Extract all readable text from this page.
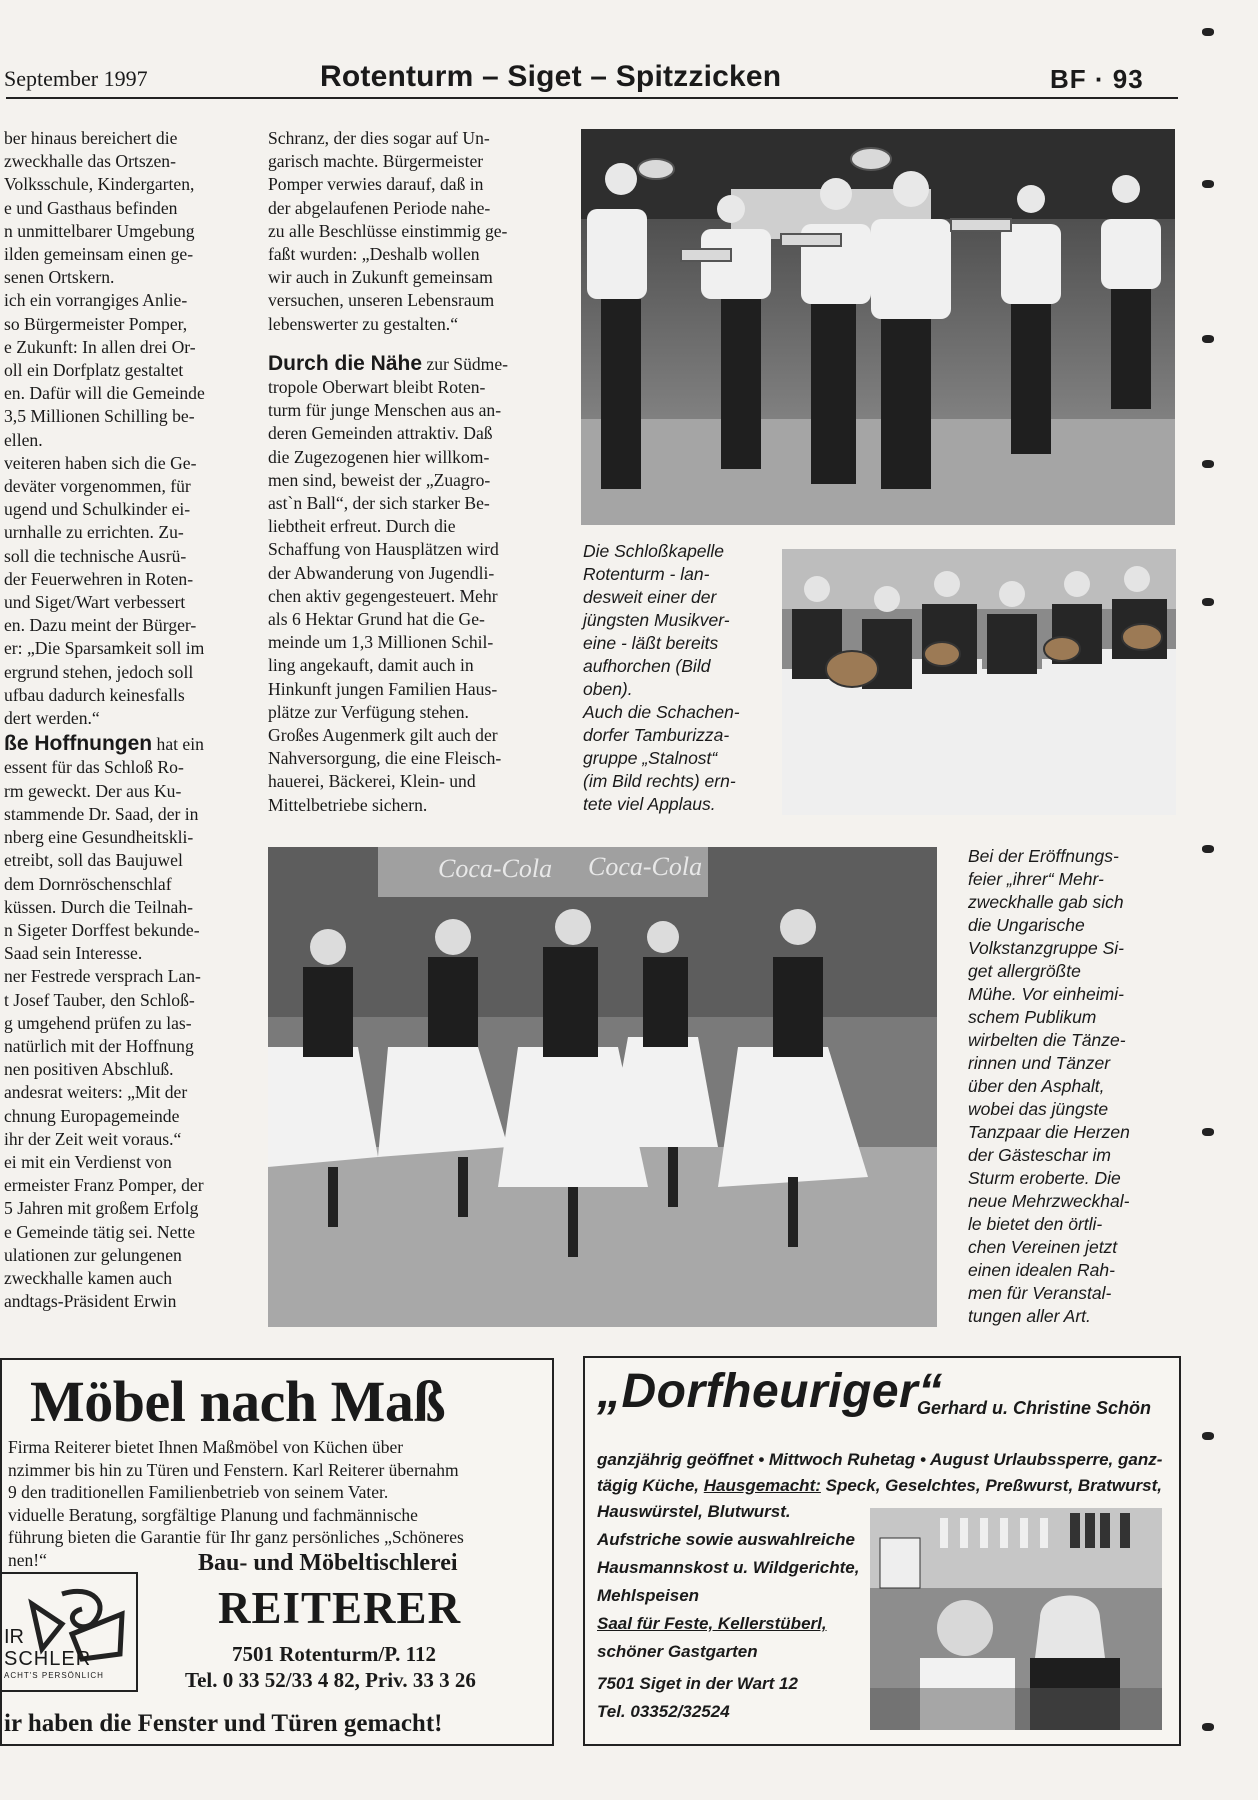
September 1997	Rotenturm – Siget – Spitzzicken	BF · 93
ber hinaus bereichert die
zweckhalle das Ortszen-
Volksschule, Kindergarten,
e und Gasthaus befinden
n unmittelbarer Umgebung
ilden gemeinsam einen ge-
senen Ortskern.
ich ein vorrangiges Anlie-
so Bürgermeister Pomper,
e Zukunft: In allen drei Or-
oll ein Dorfplatz gestaltet
en. Dafür will die Gemeinde
3,5 Millionen Schilling be-
ellen.
veiteren haben sich die Ge-
deväter vorgenommen, für
ugend und Schulkinder ei-
urnhalle zu errichten. Zu-
soll die technische Ausrü-
der Feuerwehren in Roten-
und Siget/Wart verbessert
en. Dazu meint der Bürger-
er: „Die Sparsamkeit soll im
ergrund stehen, jedoch soll
ufbau dadurch keinesfalls
dert werden.“
ße Hoffnungen hat ein
essent für das Schloß Ro-
rm geweckt. Der aus Ku-
stammende Dr. Saad, der in
nberg eine Gesundheitskli-
etreibt, soll das Baujuwel
dem Dornröschenschlaf
küssen. Durch die Teilnah-
n Sigeter Dorffest bekunde-
Saad sein Interesse.
ner Festrede versprach Lan-
t Josef Tauber, den Schloß-
g umgehend prüfen zu las-
natürlich mit der Hoffnung
nen positiven Abschluß.
andesrat weiters: „Mit der
chnung Europagemeinde
ihr der Zeit weit voraus.“
ei mit ein Verdienst von
ermeister Franz Pomper, der
5 Jahren mit großem Erfolg
e Gemeinde tätig sei. Nette
ulationen zur gelungenen
zweckhalle kamen auch
andtags-Präsident Erwin
Schranz, der dies sogar auf Un-
garisch machte. Bürgermeister
Pomper verwies darauf, daß in
der abgelaufenen Periode nahe-
zu alle Beschlüsse einstimmig ge-
faßt wurden: „Deshalb wollen
wir auch in Zukunft gemeinsam
versuchen, unseren Lebensraum
lebenswerter zu gestalten.“
Durch die Nähe zur Südme-
tropole Oberwart bleibt Roten-
turm für junge Menschen aus an-
deren Gemeinden attraktiv. Daß
die Zugezogenen hier willkom-
men sind, beweist der „Zuagro-
ast`n Ball“, der sich starker Be-
liebtheit erfreut. Durch die
Schaffung von Hausplätzen wird
der Abwanderung von Jugendli-
chen aktiv gegengesteuert. Mehr
als 6 Hektar Grund hat die Ge-
meinde um 1,3 Millionen Schil-
ling angekauft, damit auch in
Hinkunft jungen Familien Haus-
plätze zur Verfügung stehen.
Großes Augenmerk gilt auch der
Nahversorgung, die eine Fleisch-
hauerei, Bäckerei, Klein- und
Mittelbetriebe sichern.
Die Schloßkapelle
Rotenturm - lan-
desweit einer der
jüngsten Musikver-
eine - läßt bereits
aufhorchen (Bild
oben).
Auch die Schachen-
dorfer Tamburizza-
gruppe „Stalnost“
(im Bild rechts) ern-
tete viel Applaus.
Coca-Cola Coca-Cola	Bei der Eröffnungs-
feier „ihrer“ Mehr-
zweckhalle gab sich
die Ungarische
Volkstanzgruppe Si-
get allergrößte
Mühe. Vor einheimi-
schem Publikum
wirbelten die Tänze-
rinnen und Tänzer
über den Asphalt,
wobei das jüngste
Tanzpaar die Herzen
der Gästeschar im
Sturm eroberte. Die
neue Mehrzweckhal-
le bietet den örtli-
chen Vereinen jetzt
einen idealen Rah-
men für Veranstal-
tungen aller Art.
Möbel nach Maß
Firma Reiterer bietet Ihnen Maßmöbel von Küchen über
nzimmer bis hin zu Türen und Fenstern. Karl Reiterer übernahm
9 den traditionellen Familienbetrieb von seinem Vater.
viduelle Beratung, sorgfältige Planung und fachmännische
führung bieten die Garantie für Ihr ganz persönliches „Schöneres
nen!“
IR
SCHLER
ACHT'S PERSÖNLICH
Bau- und Möbeltischlerei
REITERER
7501 Rotenturm/P. 112
Tel. 0 33 52/33 4 82, Priv. 33 3 26
ir haben die Fenster und Türen gemacht!
„Dorfheuriger“
Gerhard u. Christine Schön
ganzjährig geöffnet • Mittwoch Ruhetag • August Urlaubssperre, ganz-
tägig Küche, Hausgemacht: Speck, Geselchtes, Preßwurst, Bratwurst,
Hauswürstel, Blutwurst.
Aufstriche sowie auswahlreiche
Hausmannskost u. Wildgerichte,
Mehlspeisen
Saal für Feste, Kellerstüberl,
schöner Gastgarten
7501 Siget in der Wart 12
Tel. 03352/32524
